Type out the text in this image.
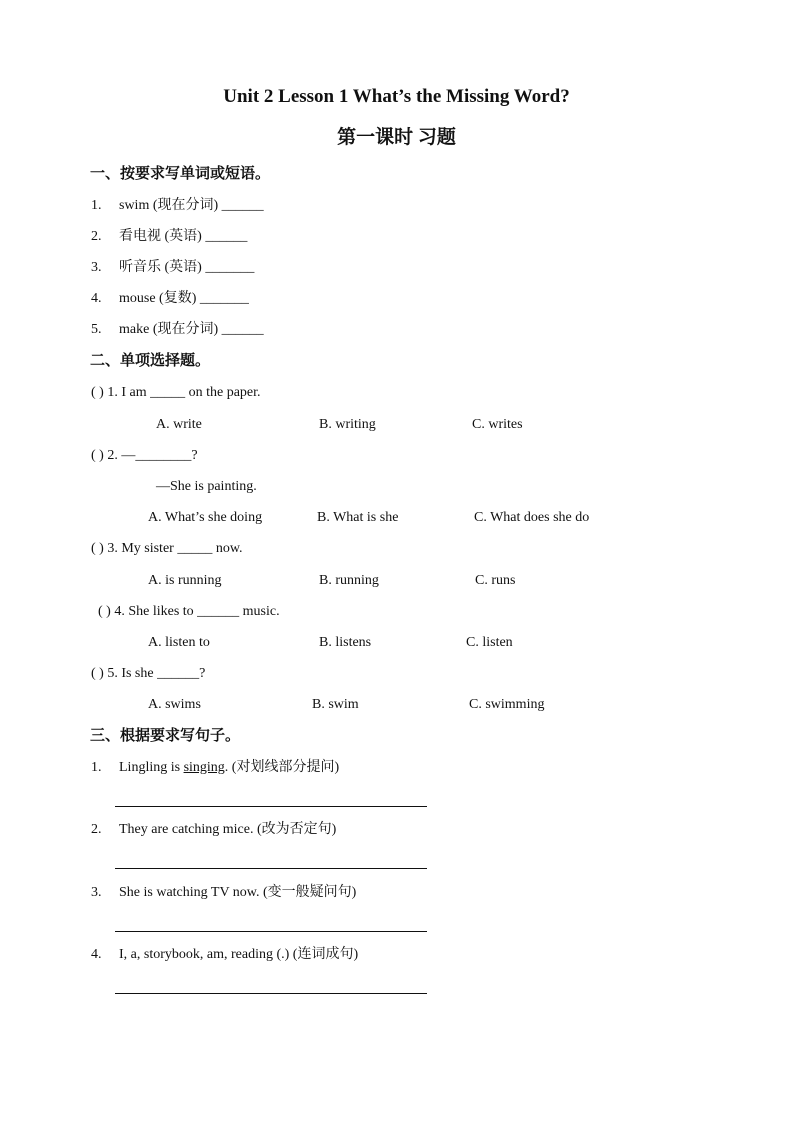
Unit 2 Lesson 1 What’s the Missing Word?
第一课时 习题
一、按要求写单词或短语。
1. swim (现在分词) ______
2. 看电视 (英语) ______
3. 听音乐 (英语) _______
4. mouse (复数) _______
5. make (现在分词) ______
二、单项选择题。
( ) 1. I am _____ on the paper.
A. write	B. writing	C. writes
( ) 2. —________?
—She is painting.
A. What’s she doing	B. What is she	C. What does she do
( ) 3. My sister _____ now.
A. is running	B. running	C. runs
( ) 4. She likes to ______ music.
A. listen to	B. listens	C. listen
( ) 5. Is she ______?
A. swims	B. swim	C. swimming
三、根据要求写句子。
1. Lingling is singing. (对划线部分提问)
2. They are catching mice. (改为否定句)
3. She is watching TV now. (变一般疑问句)
4. I, a, storybook, am, reading (.) (连词成句)
